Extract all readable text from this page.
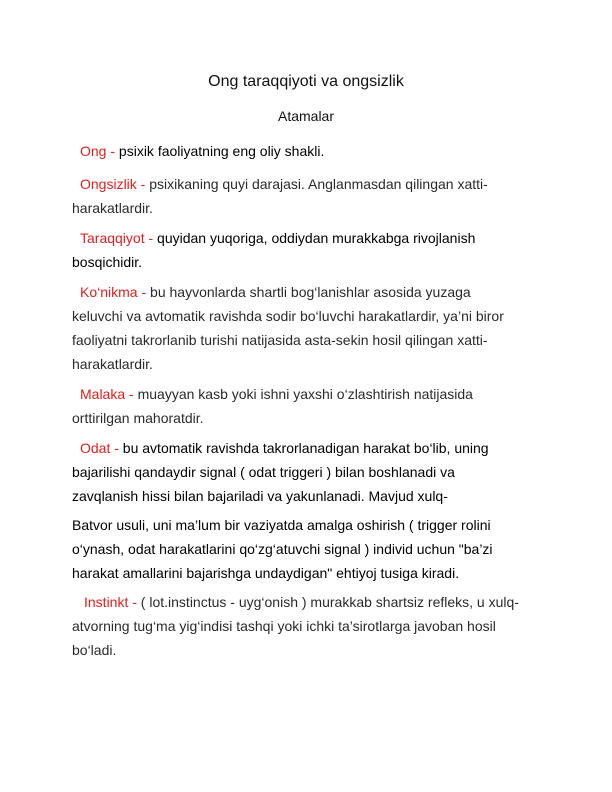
Ong taraqqiyoti va ongsizlik
Atamalar
Ong - psixik faoliyatning eng oliy shakli.
Ongsizlik - psixikaning quyi darajasi. Anglanmasdan qilingan xatti-
harakatlardir.
Taraqqiyot - quyidan yuqoriga, oddiydan murakkabga rivojlanish
bosqichidir.
Ko‘nikma - bu hayvonlarda shartli bog‘lanishlar asosida yuzaga
keluvchi va avtomatik ravishda sodir bo‘luvchi harakatlardir, ya’ni biror
faoliyatni takrorlanib turishi natijasida asta-sekin hosil qilingan xatti-
harakatlardir.
Malaka - muayyan kasb yoki ishni yaxshi o‘zlashtirish natijasida
orttirilgan mahoratdir.
Odat - bu avtomatik ravishda takrorlanadigan harakat bo‘lib, uning
bajarilishi qandaydir signal ( odat triggeri ) bilan boshlanadi va
zavqlanish hissi bilan bajariladi va yakunlanadi. Mavjud xulq-
Batvor usuli, uni ma’lum bir vaziyatda amalga oshirish ( trigger rolini
o‘ynash, odat harakatlarini qo‘zg‘atuvchi signal ) individ uchun "ba’zi
harakat amallarini bajarishga undaydigan" ehtiyoj tusiga kiradi.
Instinkt - ( lot.instinctus - uyg‘onish ) murakkab shartsiz refleks, u xulq-
atvorning tug‘ma yig‘indisi tashqi yoki ichki ta’sirotlarga javoban hosil
bo‘ladi.
